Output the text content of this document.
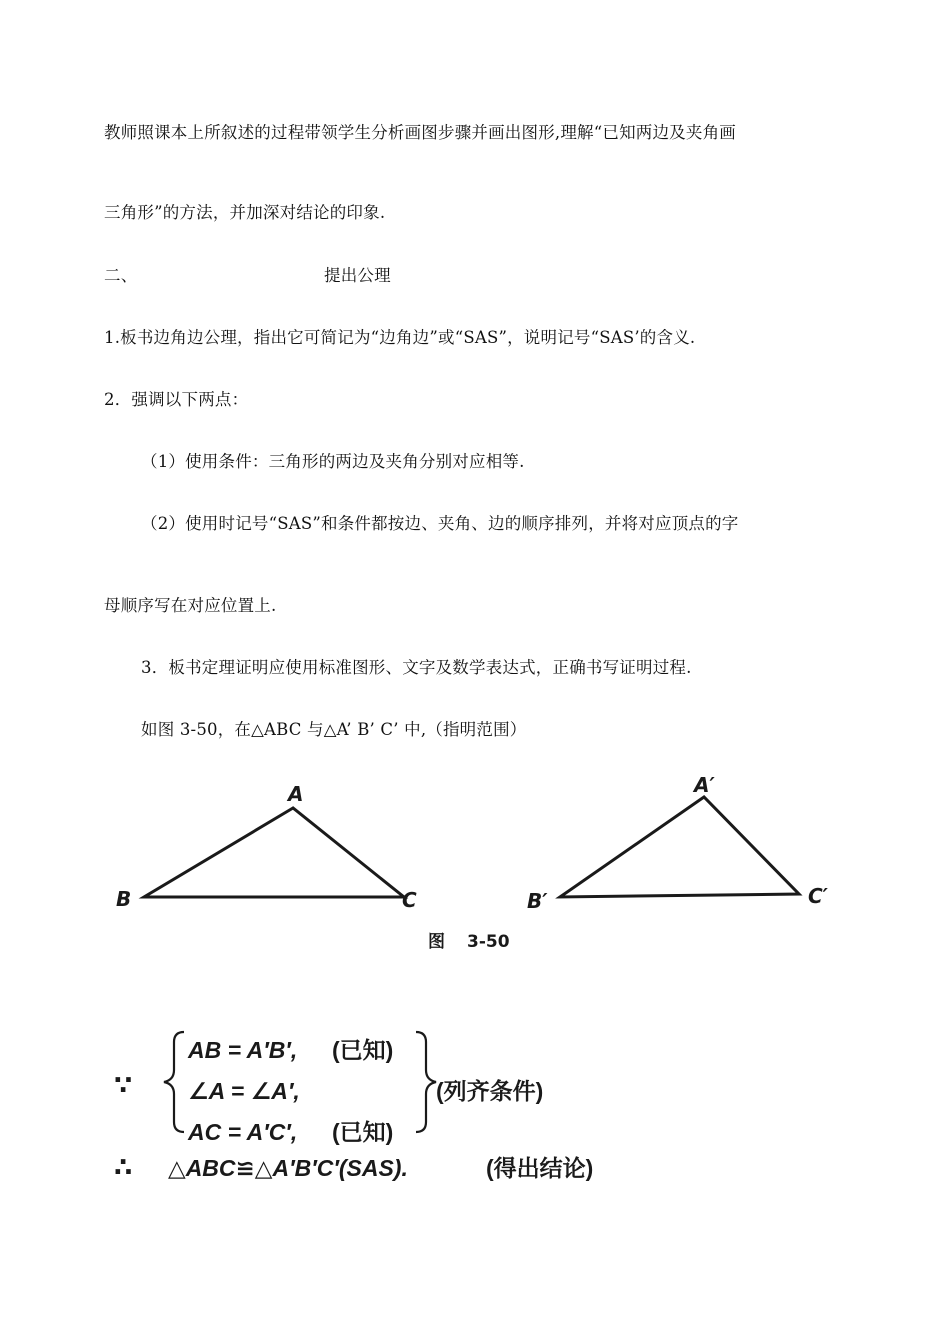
教师照课本上所叙述的过程带领学生分析画图步骤并画出图形,理解“已知两边及夹角画
三角形”的方法，并加深对结论的印象.
二、	提出公理
1.板书边角边公理，指出它可简记为“边角边”或“SAS”，说明记号“SAS’的含义.
2．强调以下两点：
（1）使用条件：三角形的两边及夹角分别对应相等.
（2）使用时记号“SAS”和条件都按边、夹角、边的顺序排列，并将对应顶点的字
母顺序写在对应位置上.
3．板书定理证明应使用标准图形、文字及数学表达式，正确书写证明过程.
如图 3-50，在△ABC 与△A’ B’ C’ 中,（指明范围）
A
B	C
A′
B′	C′
图 3-50
∵
AB = A′B′, (已知)
∠A = ∠A′,
AC = A′C′, (已知)
(列齐条件)
∴ △ABC≌△A′B′C′(SAS).	(得出结论)
